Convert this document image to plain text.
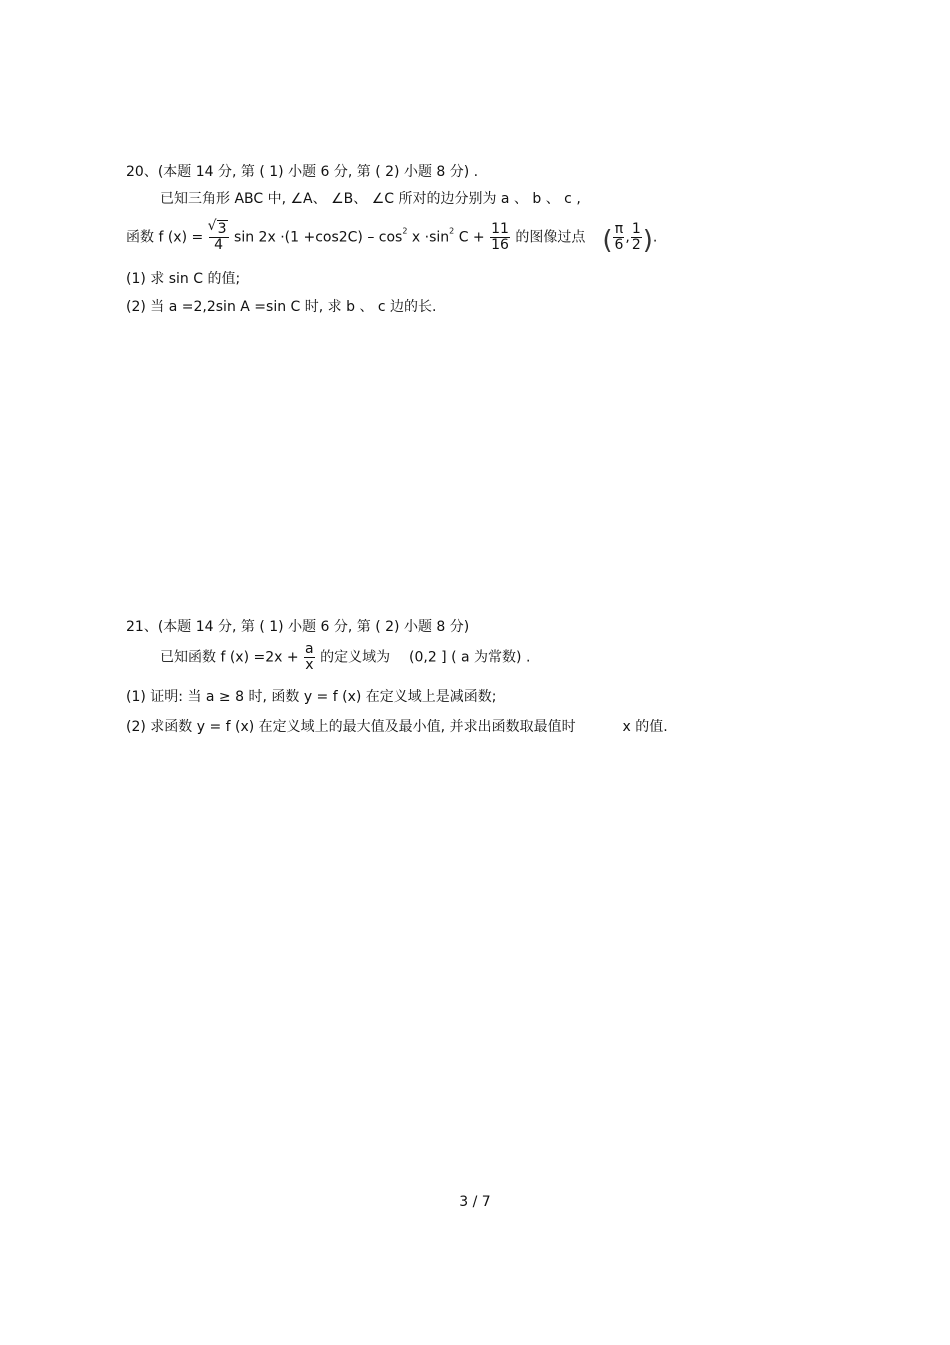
20、(本题 14 分, 第 ( 1) 小题 6 分, 第 ( 2) 小题 8 分) .
已知三角形 ABC 中, ∠A、 ∠B、 ∠C 所对的边分别为 a 、 b 、 c ,
函数 f (x) =
√ $\frac{3}{4}$ $\sin 2x \cdot(1 +\cos 2C) - \cos^2 x \cdot\sin^2$ $C + \frac{11}{16}$ 的图像过点 ( $\frac{\pi}{6}$ , $\frac{1}{2}$ ).
(1) 求 sin C 的值;
(2) 当 a =2,2sin A =sin C 时, 求 b 、 c 边的长.
21、(本题 14 分, 第 ( 1) 小题 6 分, 第 ( 2) 小题 8 分)
已知函数 f $(x) =2x + \frac{a}{x}$ 的定义域为 (0,2 ] ( a 为常数) .
(1) 证明: 当 a ≥ 8 时, 函数 y = f (x) 在定义域上是减函数;
(2) 求函数 y = f (x) 在定义域上的最大值及最小值, 并求出函数取最值时	x 的值.
3 / 7
